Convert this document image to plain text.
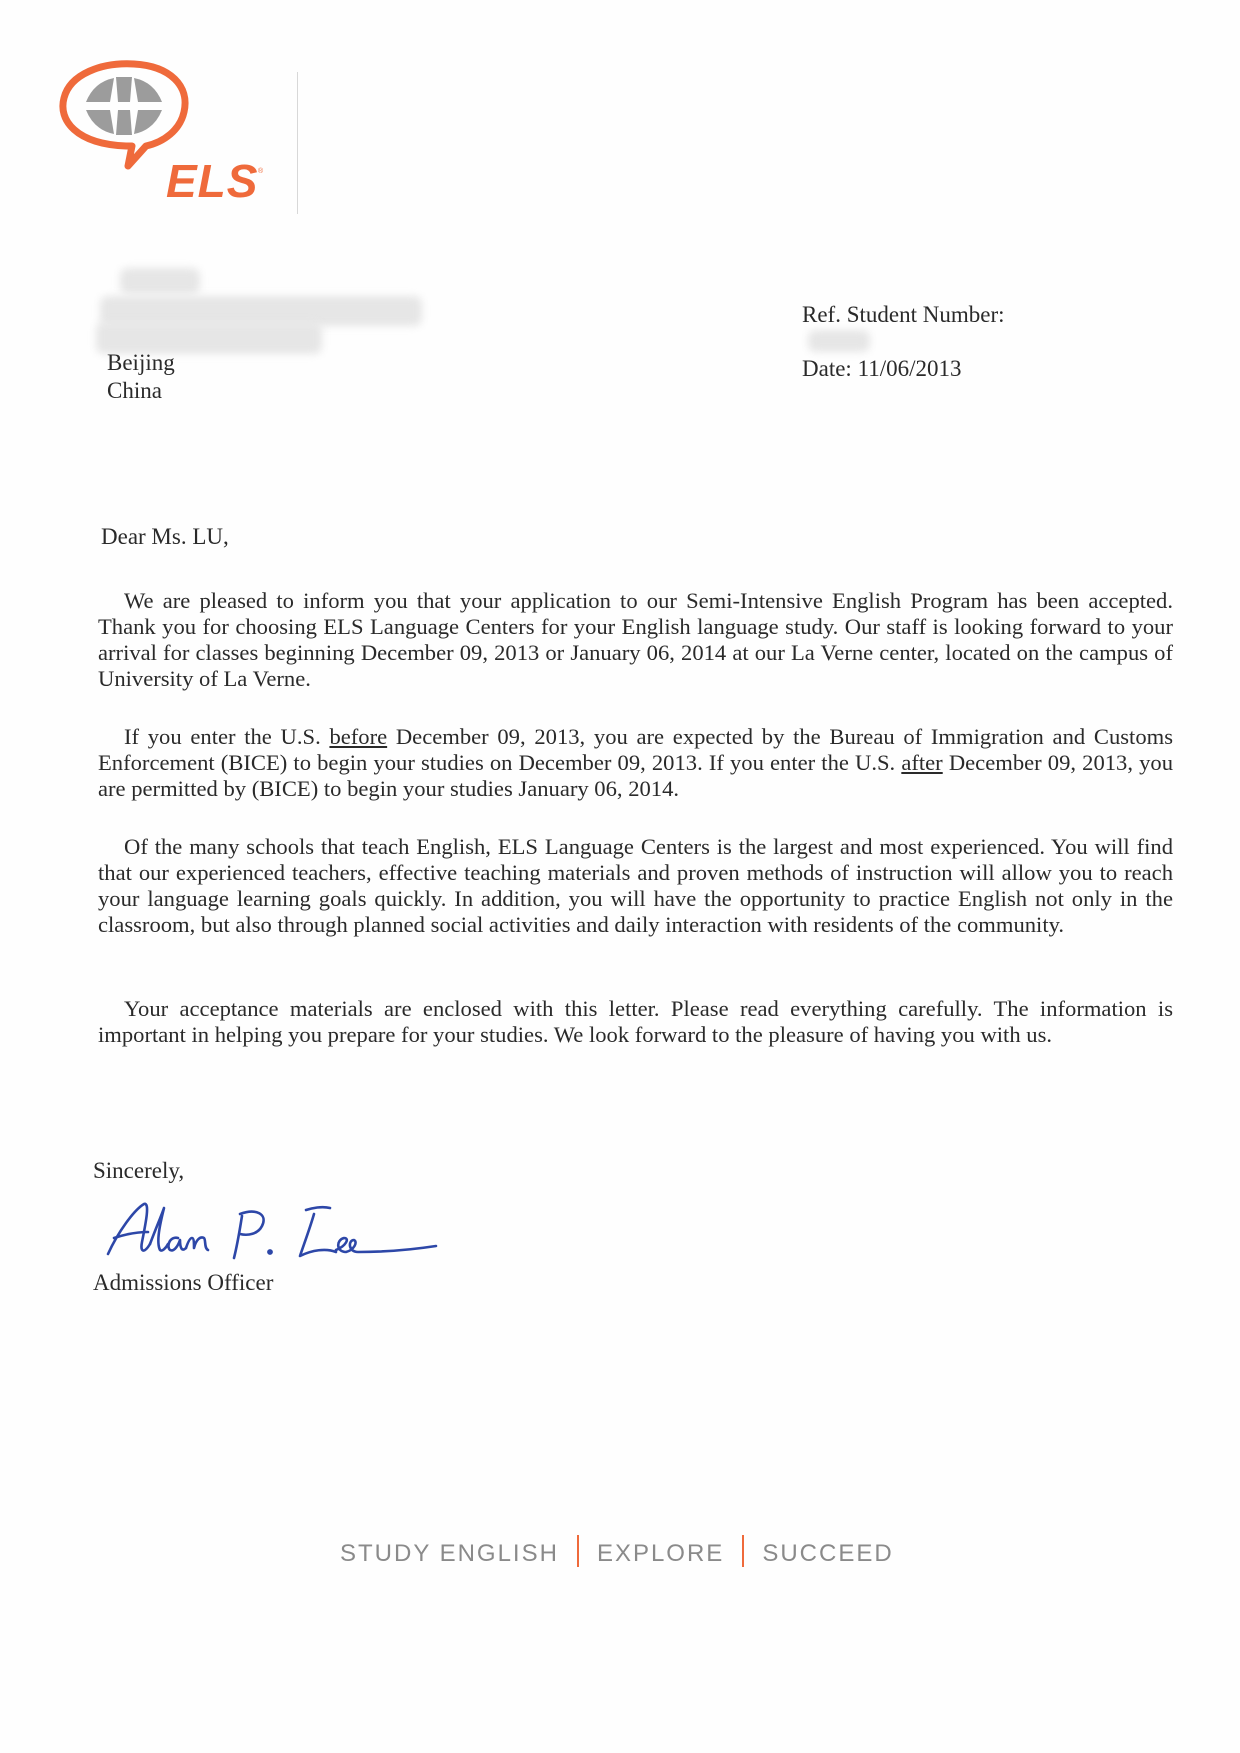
ELS ®
Beijing
China
Ref. Student Number:
Date: 11/06/2013
Dear Ms. LU,

We are pleased to inform you that your application to our Semi-Intensive English Program has been accepted. Thank you for choosing ELS Language Centers for your English language study. Our staff is looking forward to your arrival for classes beginning December 09, 2013 or January 06, 2014 at our La Verne center, located on the campus of University of La Verne.

If you enter the U.S. before December 09, 2013, you are expected by the Bureau of Immigration and Customs Enforcement (BICE) to begin your studies on December 09, 2013. If you enter the U.S. after December 09, 2013, you are permitted by (BICE) to begin your studies January 06, 2014.

Of the many schools that teach English, ELS Language Centers is the largest and most experienced. You will find that our experienced teachers, effective teaching materials and proven methods of instruction will allow you to reach your language learning goals quickly. In addition, you will have the opportunity to practice English not only in the classroom, but also through planned social activities and daily interaction with residents of the community.

Your acceptance materials are enclosed with this letter. Please read everything carefully. The information is important in helping you prepare for your studies. We look forward to the pleasure of having you with us.

Sincerely,
Admissions Officer
STUDY ENGLISH EXPLORE SUCCEED
